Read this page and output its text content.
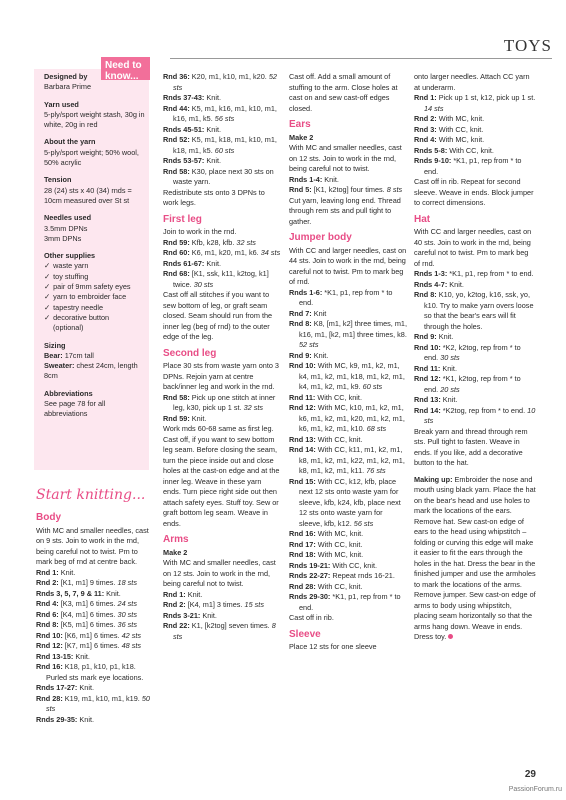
TOYS
Need to know...
Designed by
Barbara Prime
Yarn used
5-ply/sport weight stash, 30g in white, 20g in red
About the yarn
5-ply/sport weight; 50% wool, 50% acrylic
Tension
28 (24) sts x 40 (34) rnds = 10cm measured over St st
Needles used
3.5mm DPNs
3mm DPNs
Other supplies
✓ waste yarn
✓ toy stuffing
✓ pair of 9mm safety eyes
✓ yarn to embroider face
✓ tapestry needle
✓ decorative button
(optional)
Sizing
Bear: 17cm tall
Sweater: chest 24cm, length 8cm
Abbreviations
See page 78 for all abbreviations
Start knitting...
Body

With MC and smaller needles, cast on 9 sts. Join to work in the rnd, being careful not to twist. Pm to mark beg of rnd at centre back.

Rnd 1: Knit.

Rnd 2: [K1, m1] 9 times. 18 sts

Rnds 3, 5, 7, 9 & 11: Knit.

Rnd 4: [K3, m1] 6 times. 24 sts

Rnd 6: [K4, m1] 6 times. 30 sts

Rnd 8: [K5, m1] 6 times. 36 sts

Rnd 10: [K6, m1] 6 times. 42 sts

Rnd 12: [K7, m1] 6 times. 48 sts

Rnd 13-15: Knit.

Rnd 16: K18, p1, k10, p1, k18. Purled sts mark eye locations.

Rnds 17-27: Knit.

Rnd 28: K19, m1, k10, m1, k19. 50 sts

Rnds 29-35: Knit.

Rnd 36: K20, m1, k10, m1, k20. 52 sts

Rnds 37-43: Knit.

Rnd 44: K5, m1, k16, m1, k10, m1, k16, m1, k5. 56 sts

Rnds 45-51: Knit.

Rnd 52: K5, m1, k18, m1, k10, m1, k18, m1, k5. 60 sts

Rnds 53-57: Knit.

Rnd 58: K30, place next 30 sts on waste yarn.

Redistribute sts onto 3 DPNs to work legs.

First leg

Join to work in the rnd.

Rnd 59: Kfb, k28, kfb. 32 sts

Rnd 60: K6, m1, k20, m1, k6. 34 sts

Rnds 61-67: Knit.

Rnd 68: [K1, ssk, k11, k2tog, k1] twice. 30 sts

Cast off all stitches if you want to sew bottom of leg, or graft seam closed. Seam should run from the inner leg (beg of rnd) to the outer edge of the leg.

Second leg

Place 30 sts from waste yarn onto 3 DPNs. Rejoin yarn at centre back/inner leg and work in the rnd.

Rnd 58: Pick up one stitch at inner leg, k30, pick up 1 st. 32 sts

Rnd 59: Knit.

Work mds 60-68 same as first leg. Cast off, if you want to sew bottom leg seam. Before closing the seam, turn the piece inside out and close holes at the cast-on edge and at the inner leg. Weave in these yarn ends. Turn piece right side out then attach safety eyes. Stuff toy. Sew or graft bottom leg seam. Weave in ends.

Arms

Make 2

With MC and smaller needles, cast on 12 sts. Join to work in the rnd, being careful not to twist.

Rnd 1: Knit.

Rnd 2: [K4, m1] 3 times. 15 sts

Rnds 3-21: Knit.

Rnd 22: K1, [k2tog] seven times. 8 sts

Cast off. Add a small amount of stuffing to the arm. Close holes at cast on and sew cast-off edges closed.

Ears

Make 2

With MC and smaller needles, cast on 12 sts. Join to work in the rnd, being careful not to twist.

Rnds 1-4: Knit.

Rnd 5: [K1, k2tog] four times. 8 sts

Cut yarn, leaving long end. Thread through rem sts and pull tight to gather.

Jumper body

With CC and larger needles, cast on 44 sts. Join to work in the rnd, being careful not to twist. Pm to mark beg of rnd.

Rnds 1-6: *K1, p1, rep from * to end.

Rnd 7: Knit

Rnd 8: K8, [m1, k2] three times, m1, k16, m1, [k2, m1] three times, k8. 52 sts

Rnd 9: Knit.

Rnd 10: With MC, k9, m1, k2, m1, k4, m1, k2, m1, k18, m1, k2, m1, k4, m1, k2, m1, k9. 60 sts

Rnd 11: With CC, knit.

Rnd 12: With MC, k10, m1, k2, m1, k6, m1, k2, m1, k20, m1, k2, m1, k6, m1, k2, m1, k10. 68 sts

Rnd 13: With CC, knit.

Rnd 14: With CC, k11, m1, k2, m1, k8, m1, k2, m1, k22, m1, k2, m1, k8, m1, k2, m1, k11. 76 sts

Rnd 15: With CC, k12, kfb, place next 12 sts onto waste yarn for sleeve, kfb, k24, kfb, place next 12 sts onto waste yarn for sleeve, kfb, k12. 56 sts

Rnd 16: With MC, knit.

Rnd 17: With CC, knit.

Rnd 18: With MC, knit.

Rnds 19-21: With CC, knit.

Rnds 22-27: Repeat rnds 16-21.

Rnd 28: With CC, knit.

Rnds 29-30: *K1, p1, rep from * to end.

Cast off in rib.

Sleeve

Place 12 sts for one sleeve

onto larger needles. Attach CC yarn at underarm.

Rnd 1: Pick up 1 st, k12, pick up 1 st. 14 sts

Rnd 2: With MC, knit.

Rnd 3: With CC, knit.

Rnd 4: With MC, knit.

Rnds 5-8: With CC, knit.

Rnds 9-10: *K1, p1, rep from * to end.

Cast off in rib. Repeat for second sleeve. Weave in ends. Block jumper to correct dimensions.

Hat

With CC and larger needles, cast on 40 sts. Join to work in the rnd, being careful not to twist. Pm to mark beg of rnd.

Rnds 1-3: *K1, p1, rep from * to end.

Rnds 4-7: Knit.

Rnd 8: K10, yo, k2tog, k16, ssk, yo, k10. Try to make yarn overs loose so that the bear's ears will fit through the holes.

Rnd 9: Knit.

Rnd 10: *K2, k2tog, rep from * to end. 30 sts

Rnd 11: Knit.

Rnd 12: *K1, k2tog, rep from * to end. 20 sts

Rnd 13: Knit.

Rnd 14: *K2tog, rep from * to end. 10 sts

Break yarn and thread through rem sts. Pull tight to fasten. Weave in ends. If you like, add a decorative button to the hat.

Making up: Embroider the nose and mouth using black yarn. Place the hat on the bear's head and use holes to mark the locations of the ears. Remove hat. Sew cast-on edge of ears to the head using whipstitch – folding or curving this edge will make it easier to fit the ears through the holes in the hat. Dress the bear in the finished jumper and use the armholes to mark the locations of the arms. Remove jumper. Sew cast-on edge of arms to body using whipstitch, placing seam horizontally so that the arms hang down. Weave in ends. Dress toy.

29
PassionForum.ru
